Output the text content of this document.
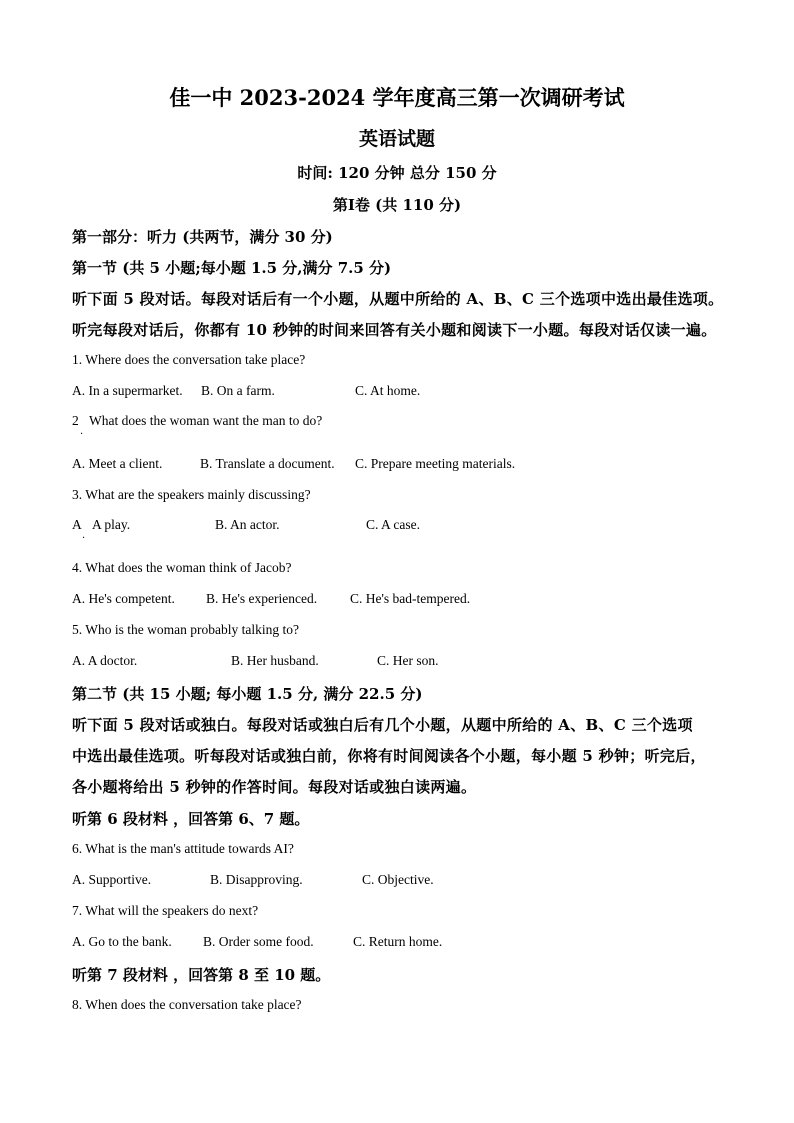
佳一中 2023-2024 学年度高三第一次调研考试
英语试题
时间: 120 分钟 总分 150 分
第Ⅰ卷 (共 110 分)
第一部分：听力 (共两节，满分 30 分)
第一节 (共 5 小题;每小题 1.5 分,满分 7.5 分)
听下面 5 段对话。每段对话后有一个小题，从题中所给的 A、B、C 三个选项中选出最佳选项。
听完每段对话后，你都有 10 秒钟的时间来回答有关小题和阅读下一小题。每段对话仅读一遍。
1. Where does the conversation take place?
A. In a supermarket. B. On a farm.	C. At home.
2
·
What does the woman want the man to do?
A. Meet a client.	B. Translate a document. C. Prepare meeting materials.
3. What are the speakers mainly discussing?
A
·
A play.	B. An actor.	C. A case.
4. What does the woman think of Jacob?
A. He's competent. B. He's experienced. C. He's bad-tempered.
5. Who is the woman probably talking to?
A. A doctor.	B. Her husband.	C. Her son.
第二节 (共 15 小题; 每小题 1.5 分, 满分 22.5 分)
听下面 5 段对话或独白。每段对话或独白后有几个小题，从题中所给的 A、B、C 三个选项
中选出最佳选项。听每段对话或独白前，你将有时间阅读各个小题，每小题 5 秒钟；听完后，
各小题将给出 5 秒钟的作答时间。每段对话或独白读两遍。
听第 6 段材料 ，回答第 6、7 题。
6. What is the man's attitude towards AI?
A. Supportive.	B. Disapproving.	C. Objective.
7. What will the speakers do next?
A. Go to the bank. B. Order some food.	C. Return home.
听第 7 段材料 ，回答第 8 至 10 题。
8. When does the conversation take place?
